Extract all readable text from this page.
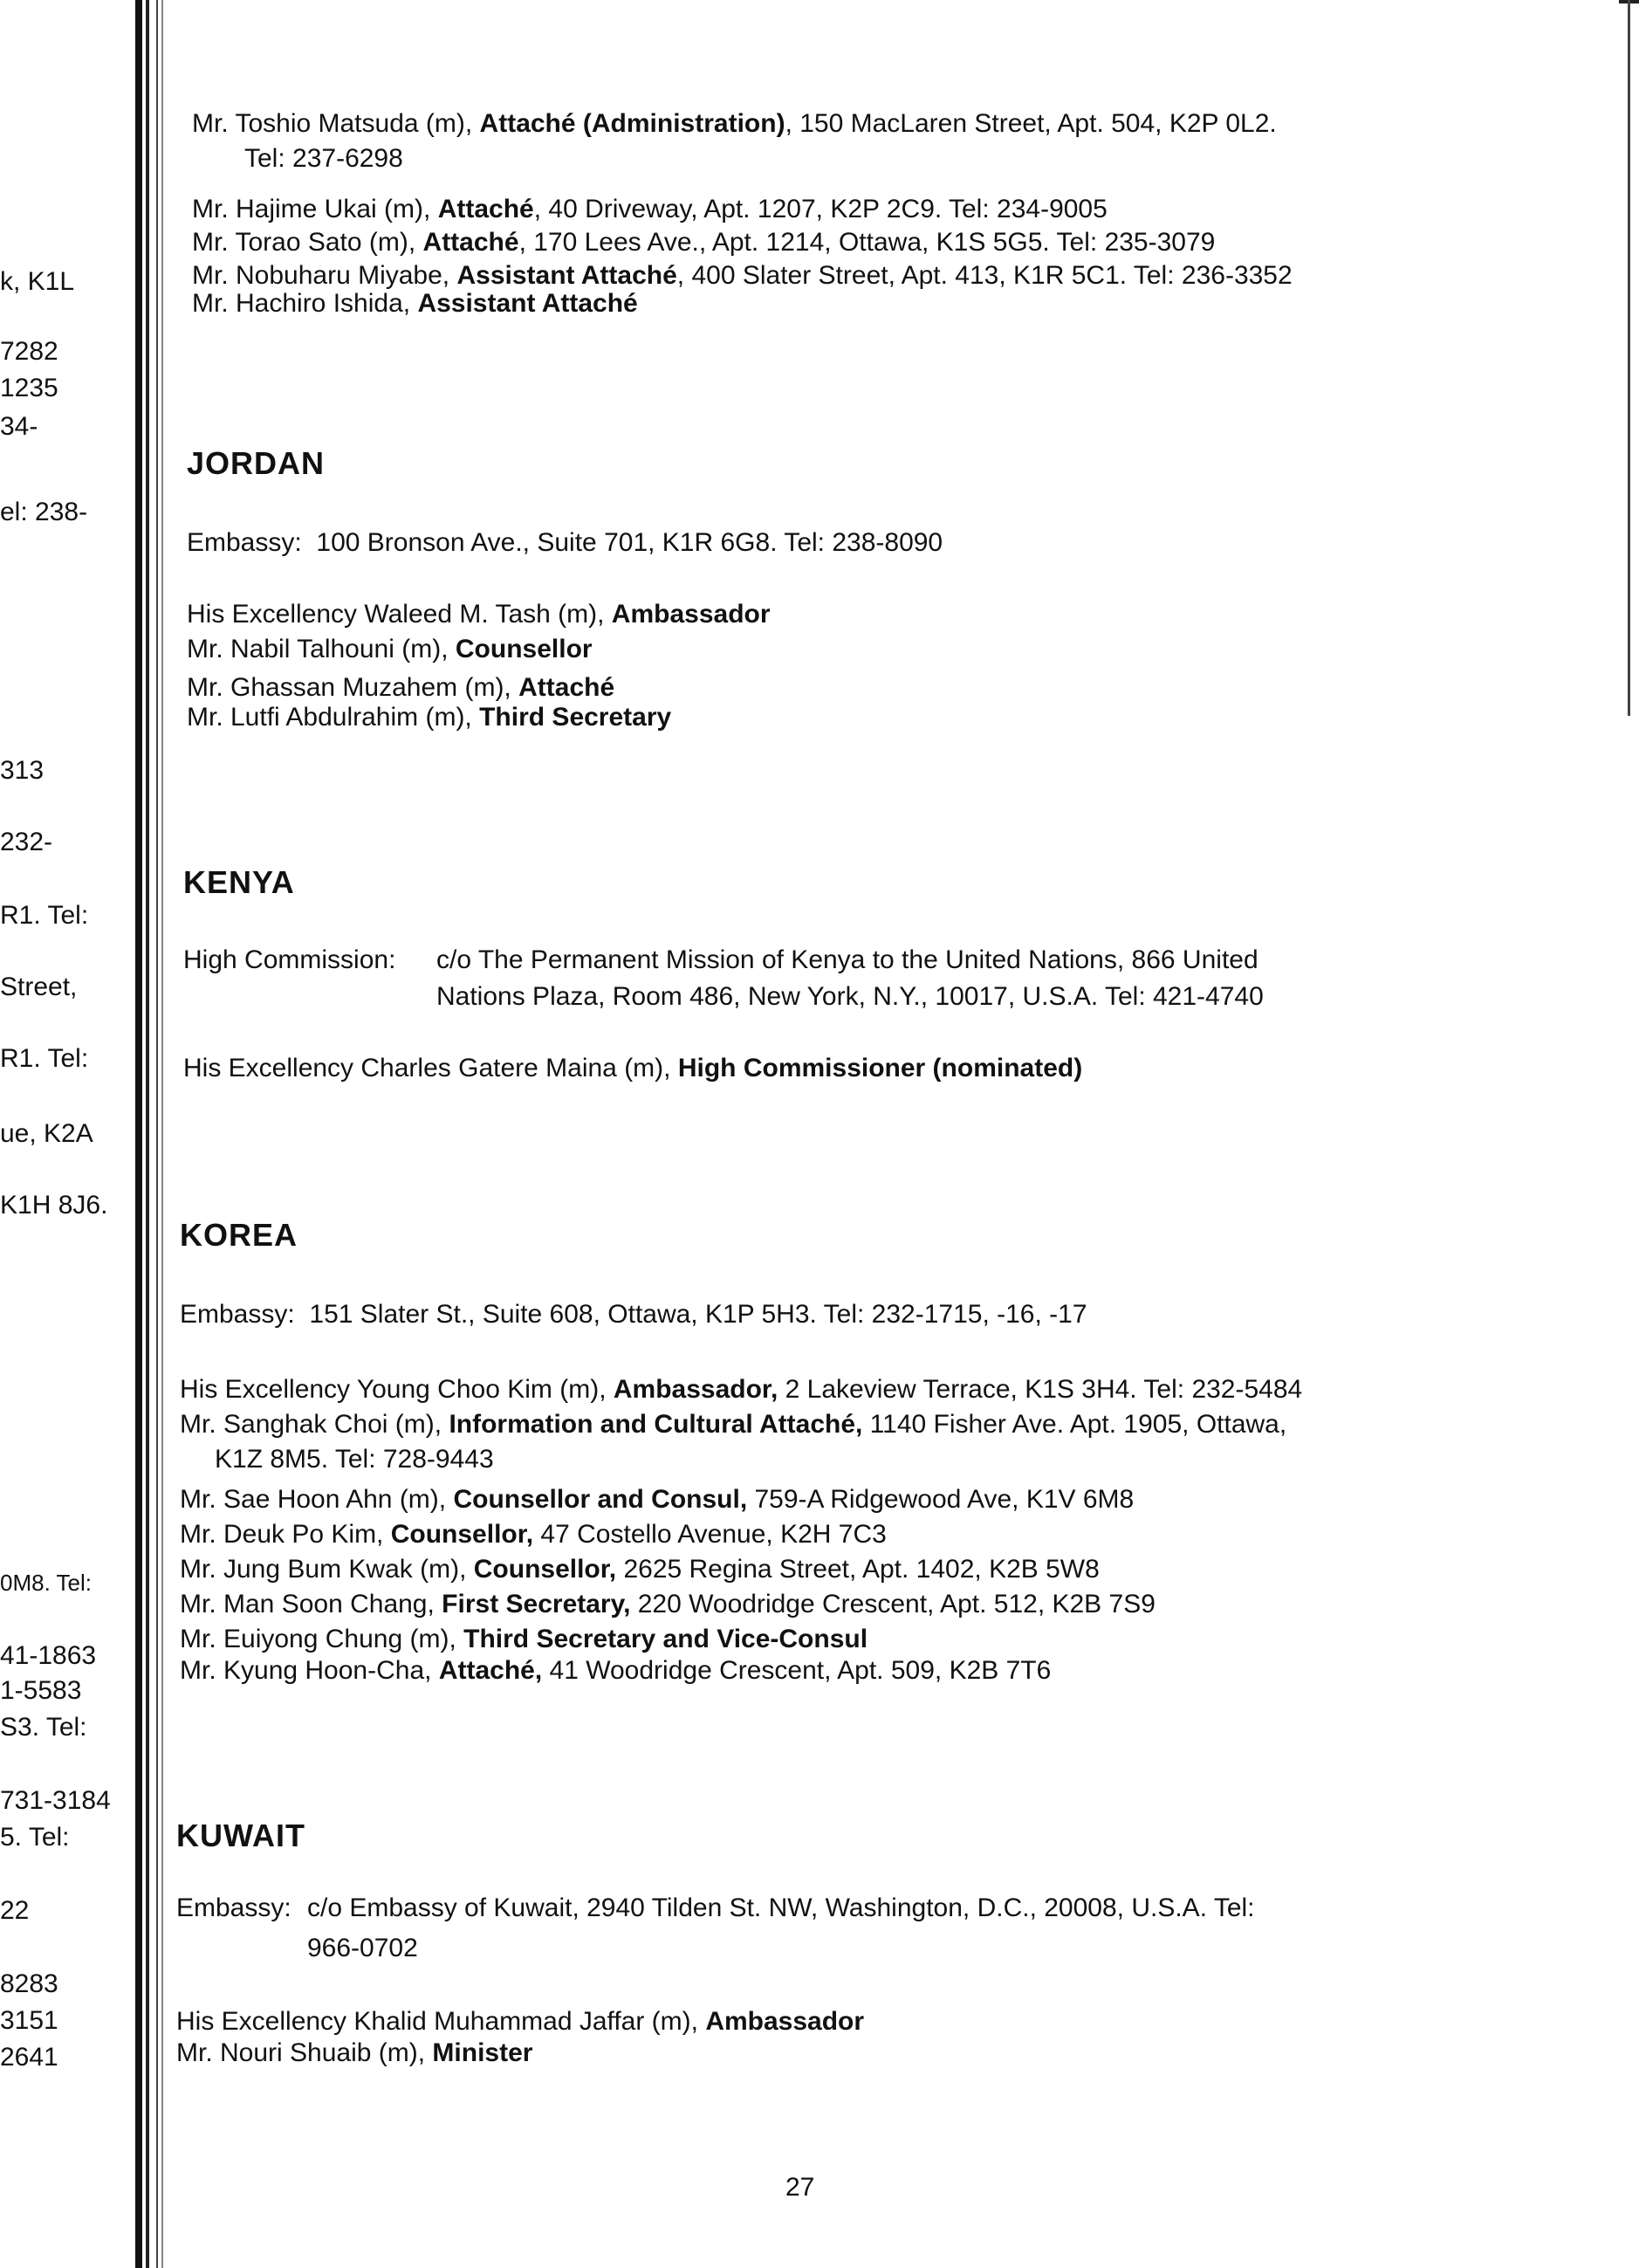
k, K1L
7282
1235
34-
el: 238-
313
232-
R1. Tel:
Street,
R1. Tel:
ue, K2A
K1H 8J6.
0M8. Tel:
41-1863
1-5583
S3. Tel:
731-3184
5. Tel:
22
8283
3151
2641
Mr. Toshio Matsuda (m), Attaché (Administration), 150 MacLaren Street, Apt. 504, K2P 0L2.
Tel: 237-6298
Mr. Hajime Ukai (m), Attaché, 40 Driveway, Apt. 1207, K2P 2C9. Tel: 234-9005
Mr. Torao Sato (m), Attaché, 170 Lees Ave., Apt. 1214, Ottawa, K1S 5G5. Tel: 235-3079
Mr. Nobuharu Miyabe, Assistant Attaché, 400 Slater Street, Apt. 413, K1R 5C1. Tel: 236-3352
Mr. Hachiro Ishida, Assistant Attaché
JORDAN
Embassy: 100 Bronson Ave., Suite 701, K1R 6G8. Tel: 238-8090
His Excellency Waleed M. Tash (m), Ambassador
Mr. Nabil Talhouni (m), Counsellor
Mr. Ghassan Muzahem (m), Attaché
Mr. Lutfi Abdulrahim (m), Third Secretary
KENYA
High Commission: c/o The Permanent Mission of Kenya to the United Nations, 866 United
Nations Plaza, Room 486, New York, N.Y., 10017, U.S.A. Tel: 421-4740
His Excellency Charles Gatere Maina (m), High Commissioner (nominated)
KOREA
Embassy: 151 Slater St., Suite 608, Ottawa, K1P 5H3. Tel: 232-1715, -16, -17
His Excellency Young Choo Kim (m), Ambassador, 2 Lakeview Terrace, K1S 3H4. Tel: 232-5484
Mr. Sanghak Choi (m), Information and Cultural Attaché, 1140 Fisher Ave. Apt. 1905, Ottawa,
K1Z 8M5. Tel: 728-9443
Mr. Sae Hoon Ahn (m), Counsellor and Consul, 759-A Ridgewood Ave, K1V 6M8
Mr. Deuk Po Kim, Counsellor, 47 Costello Avenue, K2H 7C3
Mr. Jung Bum Kwak (m), Counsellor, 2625 Regina Street, Apt. 1402, K2B 5W8
Mr. Man Soon Chang, First Secretary, 220 Woodridge Crescent, Apt. 512, K2B 7S9
Mr. Euiyong Chung (m), Third Secretary and Vice-Consul
Mr. Kyung Hoon-Cha, Attaché, 41 Woodridge Crescent, Apt. 509, K2B 7T6
KUWAIT
Embassy: c/o Embassy of Kuwait, 2940 Tilden St. NW, Washington, D.C., 20008, U.S.A. Tel:
966-0702
His Excellency Khalid Muhammad Jaffar (m), Ambassador
Mr. Nouri Shuaib (m), Minister
27
